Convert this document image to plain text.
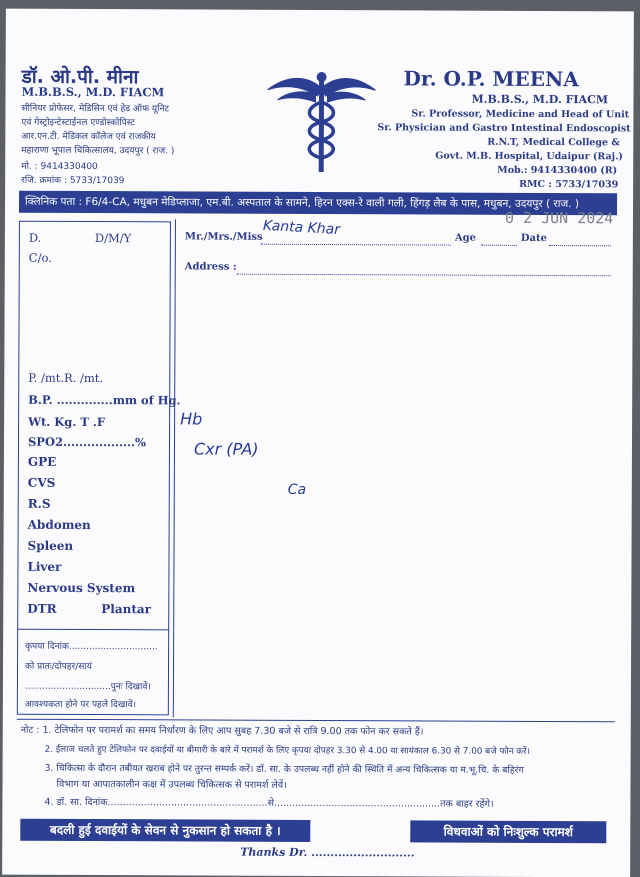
डॉ. ओ.पी. मीना
M.B.B.S., M.D. FIACM
सीनियर प्रोफेसर, मेडिसिन एवं हेड ऑफ यूनिट
एवं गेस्ट्रोइन्टेस्टाईनल एण्डोस्कोपिस्ट
आर.एन.टी. मेडिकल कॉलेज एवं राजकीय
महाराणा भूपाल चिकित्सालय, उदयपुर ( राज. )
मो. : 9414330400
रजि. क्रमांक : 5733/17039
Dr. O.P. MEENA
M.B.B.S., M.D. FIACM
Sr. Professor, Medicine and Head of Unit
Sr. Physician and Gastro Intestinal Endoscopist
R.N.T, Medical College &
Govt. M.B. Hospital, Udaipur (Raj.)
Mob.: 9414330400 (R)
RMC : 5733/17039
क्लिनिक पता : F6/4-CA, मधुबन मेडिप्लाजा, एम.बी. अस्पताल के सामने, हिरन एक्स-रे वाली गली, हिंगड़ लैब के पास, मधुबन, उदयपुर ( राज. )
D.	D/M/Y
C/o.
P. /mt.R. /mt.
B.P. ..............mm of Hg.
Wt. Kg. T .F
SPO2..................%
GPE
CVS
R.S
Abdomen
Spleen
Liver
Nervous System
DTR	Plantar
कृपया दिनांक...............................
को प्रातः/दोपहर/सायं
..............................पुनः दिखावें।
आवश्यकता होने पर पहले दिखावें।
Mr./Mrs./Miss	Age	Date
Address :
Kanta Khar	0 2 JUN 2024
Hb
Cxr (PA)
Ca
नोट : 1. टेलिफोन पर परामर्श का समय निर्धारण के लिए आप सुबह 7.30 बजे से रात्रि 9.00 तक फोन कर सकते हैं।
2. ईलाज चलते हुए टेलिफोन पर दवाईयों या बीमारी के बारे में परामर्श के लिए कृपया दोपहर 3.30 से 4.00 या सायंकाल 6.30 से 7.00 बजे फोन करें।
3. चिकित्सा के दौरान तबीयत खराब होने पर तुरन्त सम्पर्क करें। डॉ. सा. के उपलब्ध नहीं होने की स्थिति में अन्य चिकित्सक या म.भू.चि. के बहिरंग
विभाग या आपातकालीन कक्ष में उपलब्ध चिकित्सक से परामर्श लेवें।
4. डॉ. सा. दिनांक.....................................................से.......................................................तक बाहर रहेंगे।
बदली हुई दवाईयों के सेवन से नुकसान हो सकता है ।	विधवाओं को निःशुल्क परामर्श
Thanks Dr. ...........................
